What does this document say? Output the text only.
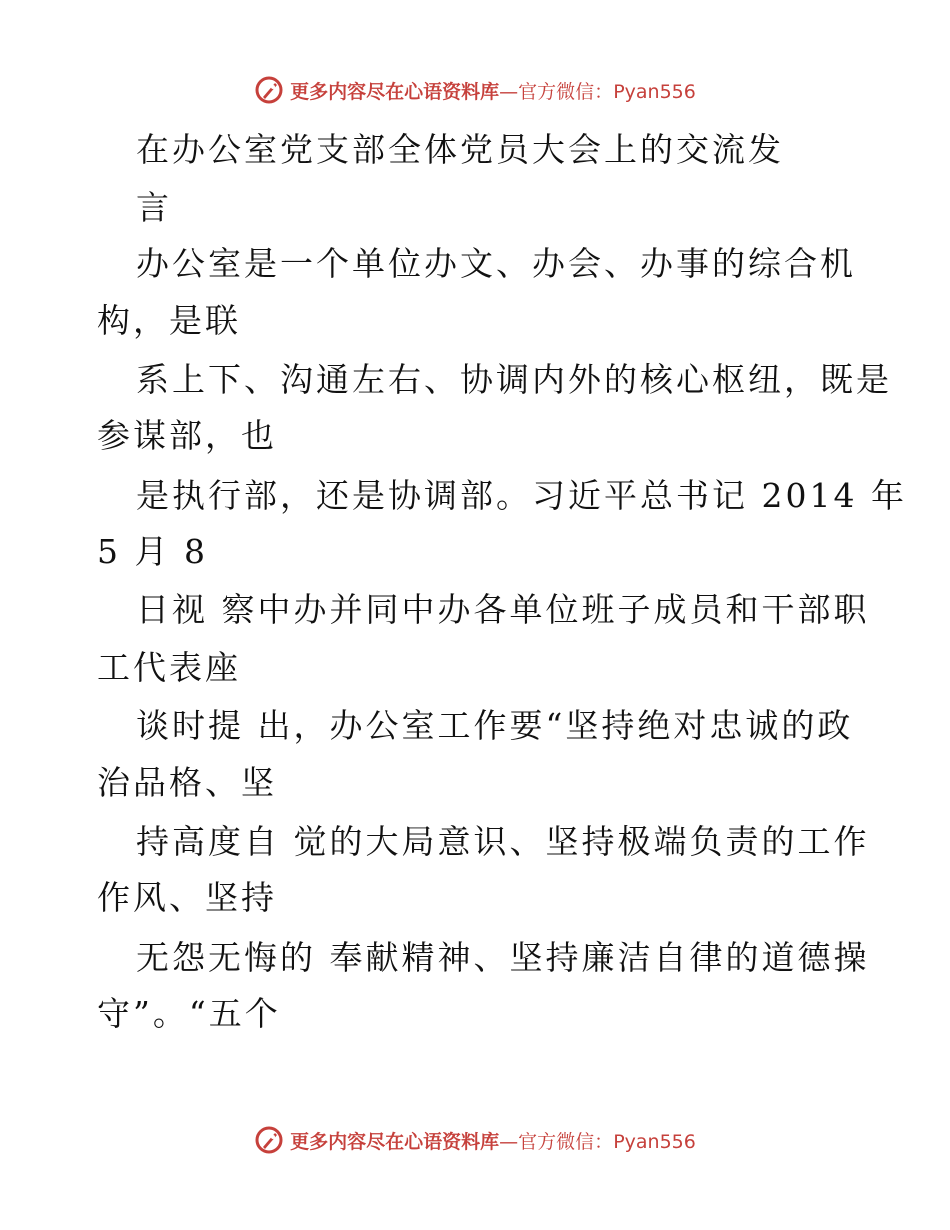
更多内容尽在心语资料库—官方微信：Pyan556
在办公室党支部全体党员大会上的交流发
言
办公室是一个单位办文、办会、办事的综合机
构，是联
系上下、沟通左右、协调内外的核心枢纽，既是
参谋部，也
是执行部，还是协调部。习近平总书记 2014 年
5 月 8
日视 察中办并同中办各单位班子成员和干部职
工代表座
谈时提 出，办公室工作要“坚持绝对忠诚的政
治品格、坚
持高度自 觉的大局意识、坚持极端负责的工作
作风、坚持
无怨无悔的 奉献精神、坚持廉洁自律的道德操
守”。“五个
更多内容尽在心语资料库—官方微信：Pyan556
